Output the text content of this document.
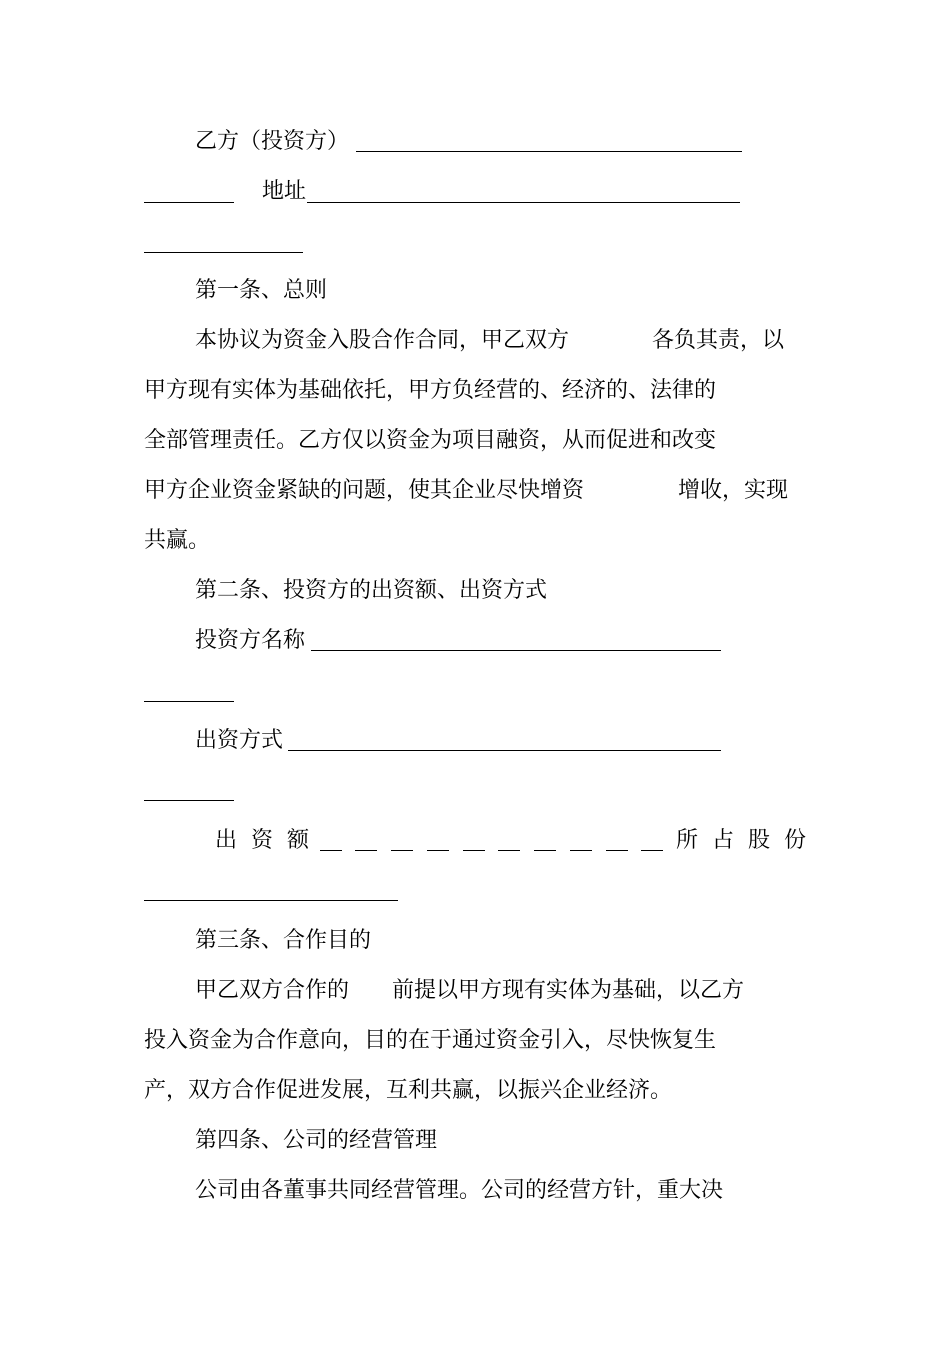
乙方（投资方）
地址
第一条、总则
本协议为资金入股合作合同，甲乙双方	各负其责，以
甲方现有实体为基础依托，甲方负经营的、经济的、法律的
全部管理责任。乙方仅以资金为项目融资，从而促进和改变
甲方企业资金紧缺的问题，使其企业尽快增资	增收，实现
共赢。
第二条、投资方的出资额、出资方式
投资方名称
出资方式
出资额	所占股份
第三条、合作目的
甲乙双方合作的 前提以甲方现有实体为基础，以乙方
投入资金为合作意向，目的在于通过资金引入，尽快恢复生
产，双方合作促进发展，互利共赢，以振兴企业经济。
第四条、公司的经营管理
公司由各董事共同经营管理。公司的经营方针，重大决
